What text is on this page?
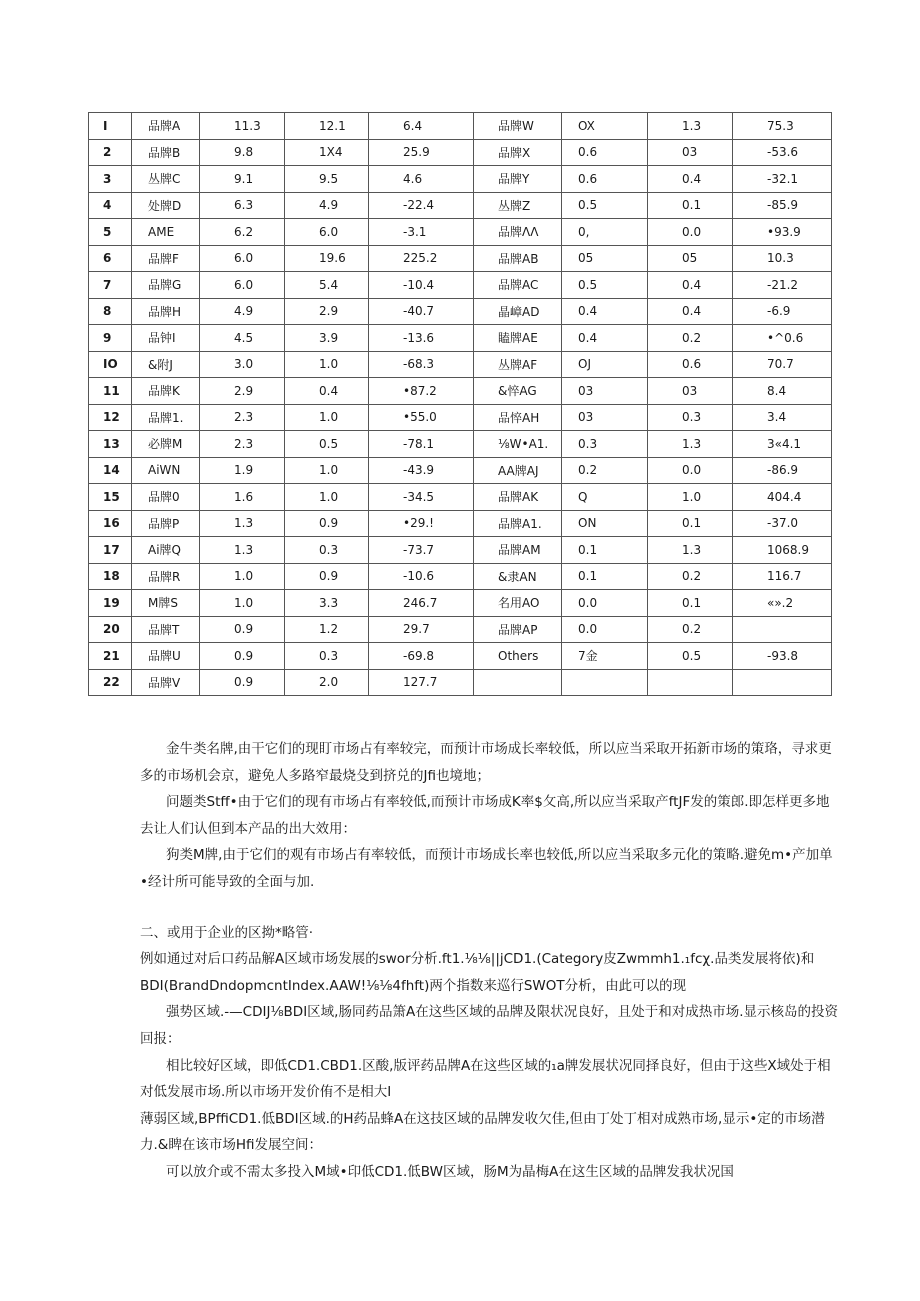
I	品牌A	11.3	12.1	6.4	品牌W	OX	1.3	75.3
2	品牌B	9.8	1X4	25.9	品牌X	0.6	03	-53.6
3	丛牌C	9.1	9.5	4.6	品牌Y	0.6	0.4	-32.1
4	处牌D	6.3	4.9	-22.4	丛牌Z	0.5	0.1	-85.9
5	AME	6.2	6.0	-3.1	品牌ΛΛ	0,	0.0	•93.9
6	品牌F	6.0	19.6	225.2	品牌AB	05	05	10.3
7	品牌G	6.0	5.4	-10.4	品牌AC	0.5	0.4	-21.2
8	品牌H	4.9	2.9	-40.7	晶嶂AD	0.4	0.4	-6.9
9	品钟I	4.5	3.9	-13.6	瞌牌AE	0.4	0.2	•^0.6
IO	&附J	3.0	1.0	-68.3	丛牌AF	OJ	0.6	70.7
11	品牌K	2.9	0.4	•87.2	&悴AG	03	03	8.4
12	品牌1.	2.3	1.0	•55.0	品悴AH	03	0.3	3.4
13	必牌M	2.3	0.5	-78.1	⅛W•A1.	0.3	1.3	3«4.1
14	AiWN	1.9	1.0	-43.9	AA牌AJ	0.2	0.0	-86.9
15	品牌0	1.6	1.0	-34.5	品牌AK	Q	1.0	404.4
16	品牌P	1.3	0.9	•29.!	品牌A1.	ON	0.1	-37.0
17	Ai牌Q	1.3	0.3	-73.7	品牌AM	0.1	1.3	1068.9
18	品牌R	1.0	0.9	-10.6	&隶AN	0.1	0.2	116.7
19	M牌S	1.0	3.3	246.7	名用AO	0.0	0.1	«».2
20	品牌T	0.9	1.2	29.7	品牌AP	0.0	0.2	
21	品牌U	0.9	0.3	-69.8	Others	7金	0.5	-93.8
22	品牌V	0.9	2.0	127.7				

金牛类名牌,由干它们的现盯市场占有率较完，而预计市场成长率较低，所以应当采取开拓新市场的策珞，寻求更多的市场机会京，避免人多路窄最烧殳到挤兑的Jfi也境地；

问题类Stff•由于它们的现有市场占有率较低,而预计市场成K率$攵高,所以应当采取产ftJF发的策郎.即怎样更多地去让人们认但到本产品的出大效用：

狗类M牌,由于它们的观有市场占有率较低，而预计市场成长率也较低,所以应当采取多元化的策略.避免m•产加单•经计所可能导致的全面与加.

二、或用于企业的区拗*略管·

例如通过对后口药品解A区域市场发展的swor分析.ft1.⅛⅛||jCD1.(Category皮Zwmmh1.₁fcχ.品类发展将依)和BDI(BrandDndopmcntIndex.AAW!⅛⅛4fhft)两个指数来巡行SWOT分析，由此可以的现

强势区域.-—CDIJ⅛BDI区域,肠同药品箫A在这些区域的品牌及限状况良好，且处于和对成热市场.显示核岛的投资回报：

相比较好区域，即低CD1.CBD1.区酸,版评药品牌A在这些区域的₁a牌发展状况同择良好，但由于这些X域处于相对低发展市场.所以市场开发价侑不是相大I

薄弱区域,BPffiCD1.低BDI区域.的H药品蜂A在这技区域的品牌发收欠佳,但由丁处丁相对成熟市场,显示•定的市场潜力.&睥在该市场Hfi发展空间：

可以放介或不需太多投入M域•印低CD1.低BW区域，肠M为晶梅A在这生区域的品牌发我状况国
